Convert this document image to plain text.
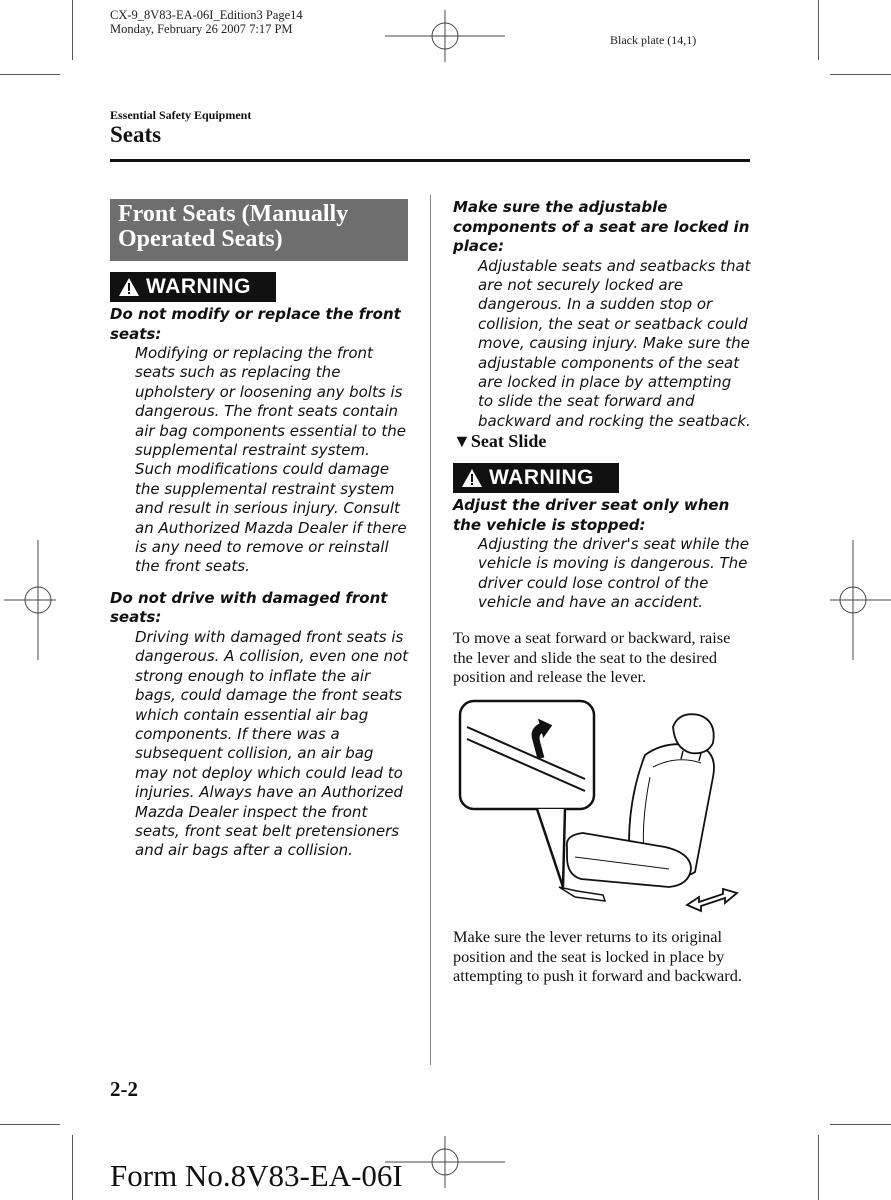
CX-9_8V83-EA-06I_Edition3 Page14
Monday, February 26 2007 7:17 PM
Black plate (14,1)
Essential Safety Equipment
Seats
Front Seats (Manually Operated Seats)
WARNING
Do not modify or replace the front seats:
Modifying or replacing the front seats such as replacing the upholstery or loosening any bolts is dangerous. The front seats contain air bag components essential to the supplemental restraint system. Such modifications could damage the supplemental restraint system and result in serious injury. Consult an Authorized Mazda Dealer if there is any need to remove or reinstall the front seats.
Do not drive with damaged front seats:
Driving with damaged front seats is dangerous. A collision, even one not strong enough to inflate the air bags, could damage the front seats which contain essential air bag components. If there was a subsequent collision, an air bag may not deploy which could lead to injuries. Always have an Authorized Mazda Dealer inspect the front seats, front seat belt pretensioners and air bags after a collision.
Make sure the adjustable components of a seat are locked in place:
Adjustable seats and seatbacks that are not securely locked are dangerous. In a sudden stop or collision, the seat or seatback could move, causing injury. Make sure the adjustable components of the seat are locked in place by attempting to slide the seat forward and backward and rocking the seatback.
▼Seat Slide
WARNING
Adjust the driver seat only when the vehicle is stopped:
Adjusting the driver's seat while the vehicle is moving is dangerous. The driver could lose control of the vehicle and have an accident.
To move a seat forward or backward, raise the lever and slide the seat to the desired position and release the lever.
Make sure the lever returns to its original position and the seat is locked in place by attempting to push it forward and backward.
2-2
Form No.8V83-EA-06I
